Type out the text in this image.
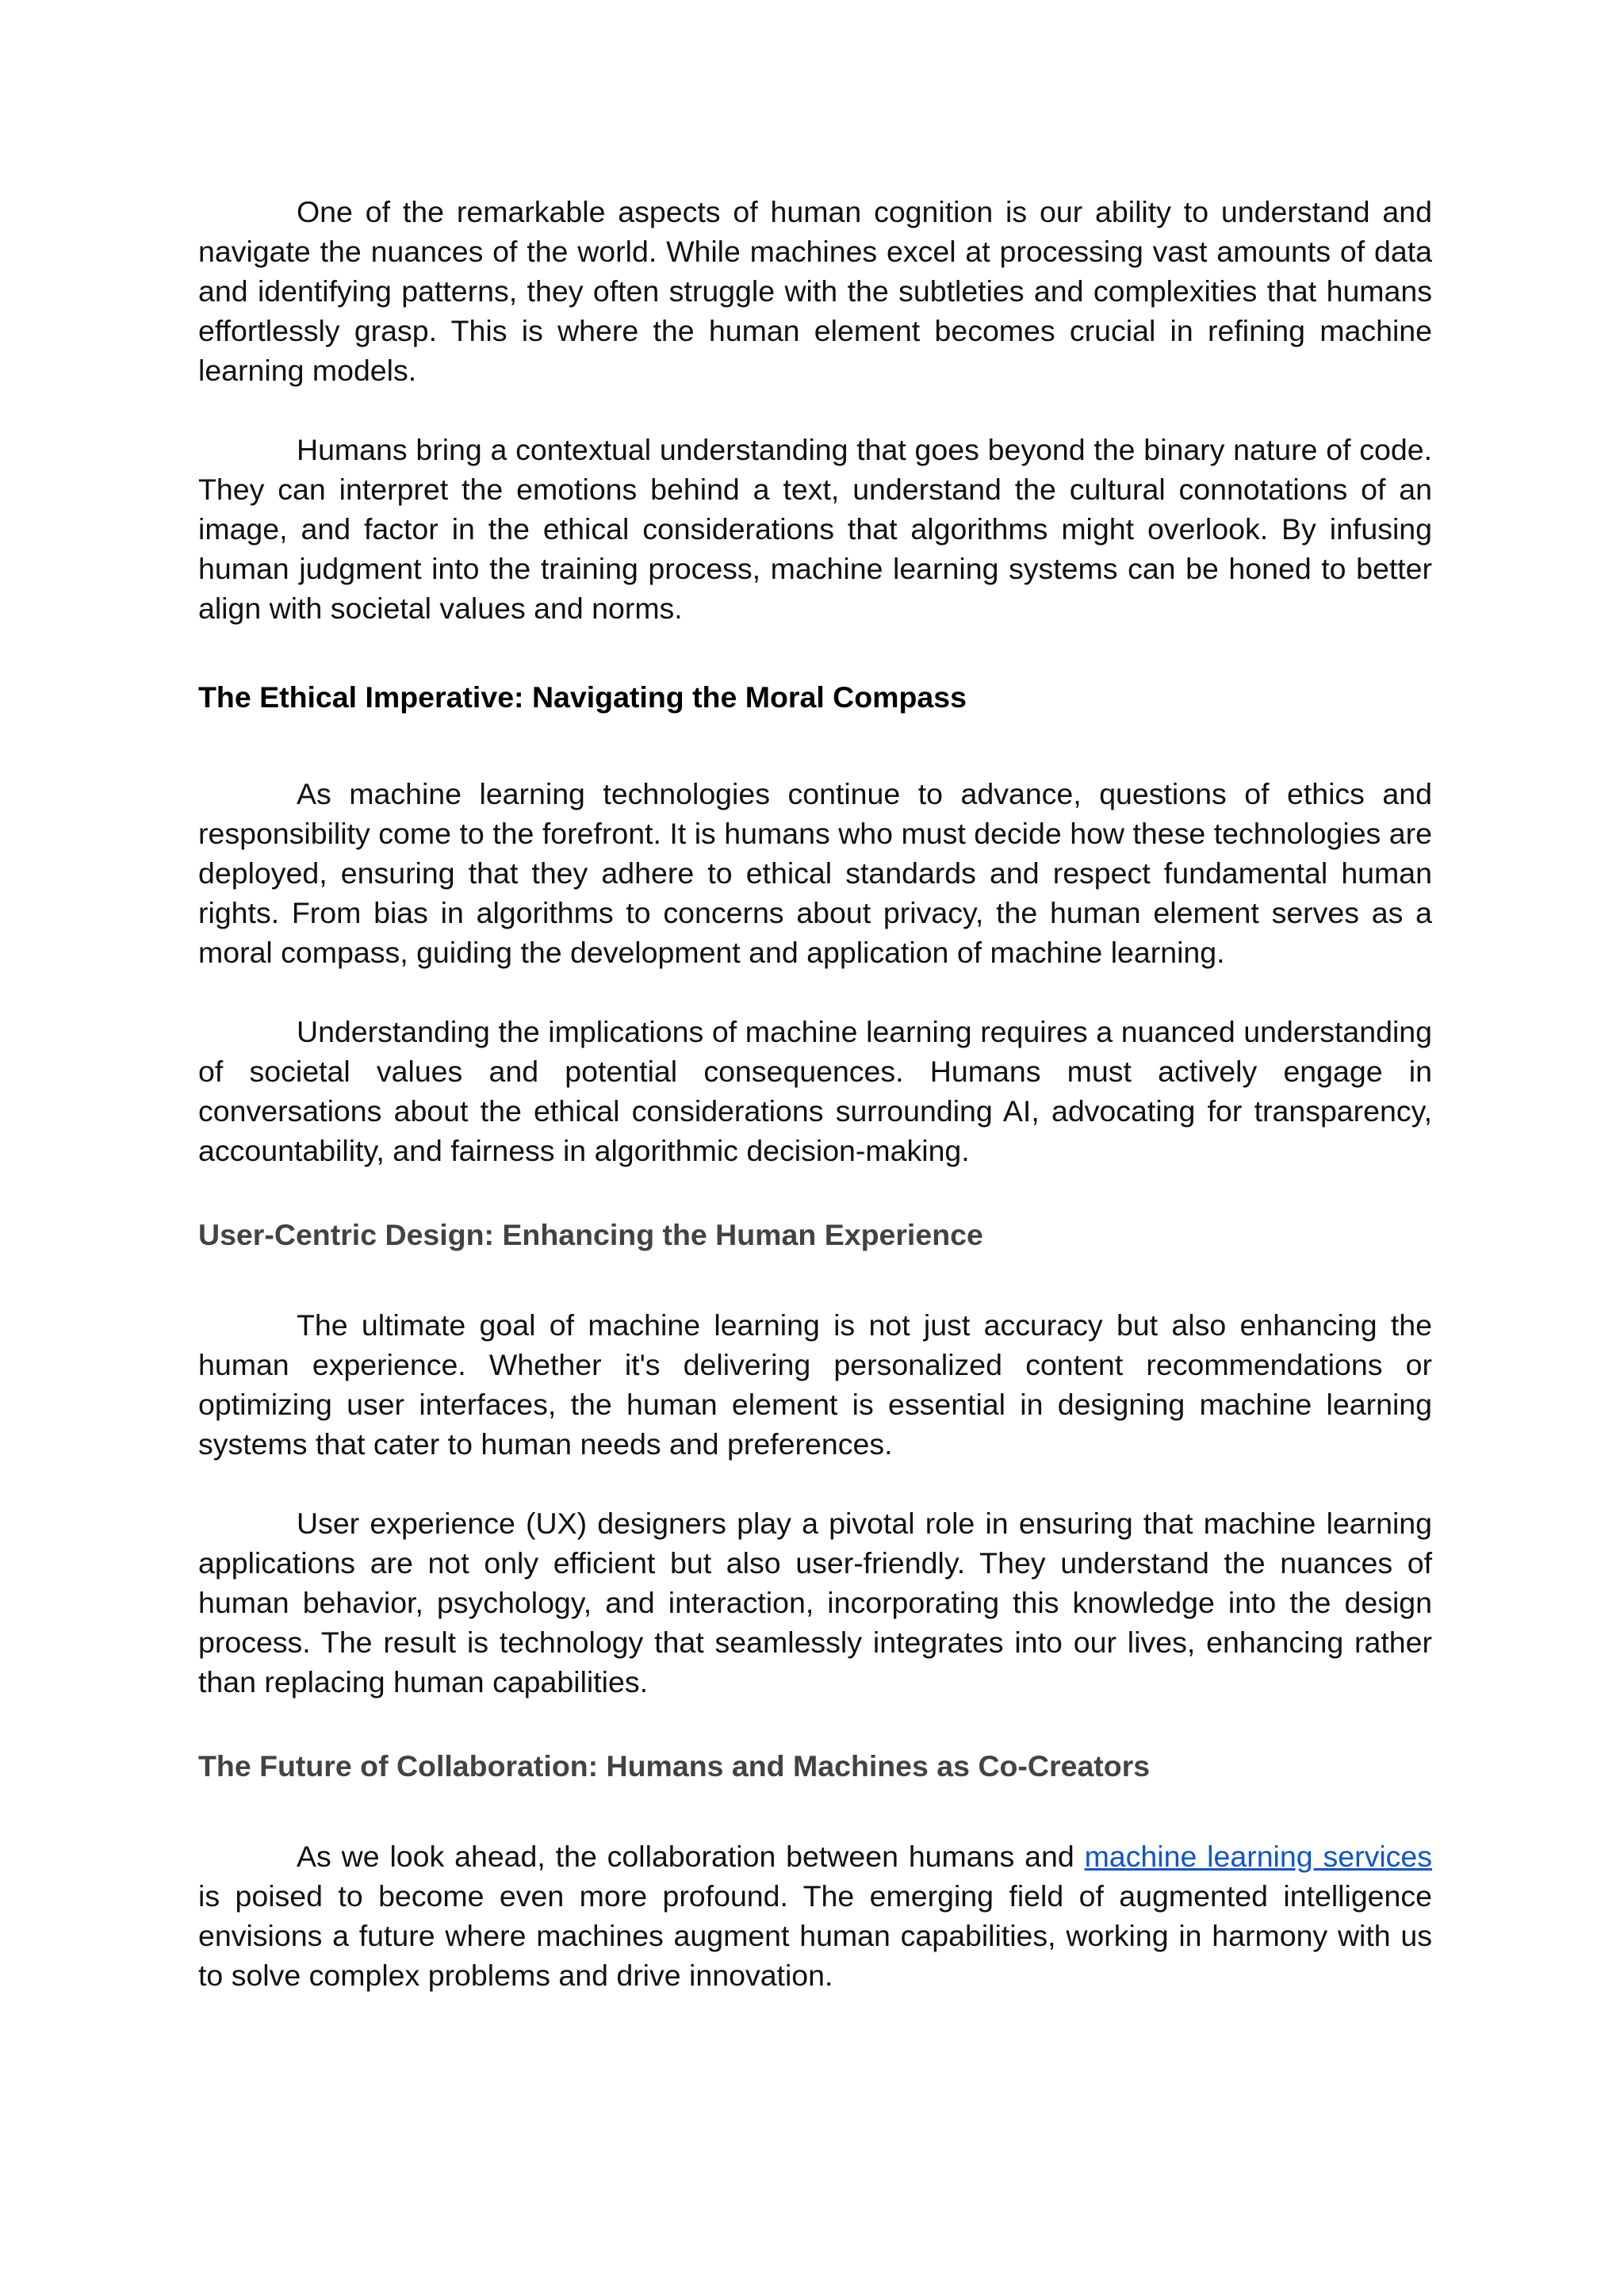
One of the remarkable aspects of human cognition is our ability to understand and navigate the nuances of the world. While machines excel at processing vast amounts of data and identifying patterns, they often struggle with the subtleties and complexities that humans effortlessly grasp. This is where the human element becomes crucial in refining machine learning models.

Humans bring a contextual understanding that goes beyond the binary nature of code. They can interpret the emotions behind a text, understand the cultural connotations of an image, and factor in the ethical considerations that algorithms might overlook. By infusing human judgment into the training process, machine learning systems can be honed to better align with societal values and norms.

The Ethical Imperative: Navigating the Moral Compass

As machine learning technologies continue to advance, questions of ethics and responsibility come to the forefront. It is humans who must decide how these technologies are deployed, ensuring that they adhere to ethical standards and respect fundamental human rights. From bias in algorithms to concerns about privacy, the human element serves as a moral compass, guiding the development and application of machine learning.

Understanding the implications of machine learning requires a nuanced understanding of societal values and potential consequences. Humans must actively engage in conversations about the ethical considerations surrounding AI, advocating for transparency, accountability, and fairness in algorithmic decision-making.

User-Centric Design: Enhancing the Human Experience

The ultimate goal of machine learning is not just accuracy but also enhancing the human experience. Whether it's delivering personalized content recommendations or optimizing user interfaces, the human element is essential in designing machine learning systems that cater to human needs and preferences.

User experience (UX) designers play a pivotal role in ensuring that machine learning applications are not only efficient but also user-friendly. They understand the nuances of human behavior, psychology, and interaction, incorporating this knowledge into the design process. The result is technology that seamlessly integrates into our lives, enhancing rather than replacing human capabilities.

The Future of Collaboration: Humans and Machines as Co-Creators

As we look ahead, the collaboration between humans and machine learning services is poised to become even more profound. The emerging field of augmented intelligence envisions a future where machines augment human capabilities, working in harmony with us to solve complex problems and drive innovation.
